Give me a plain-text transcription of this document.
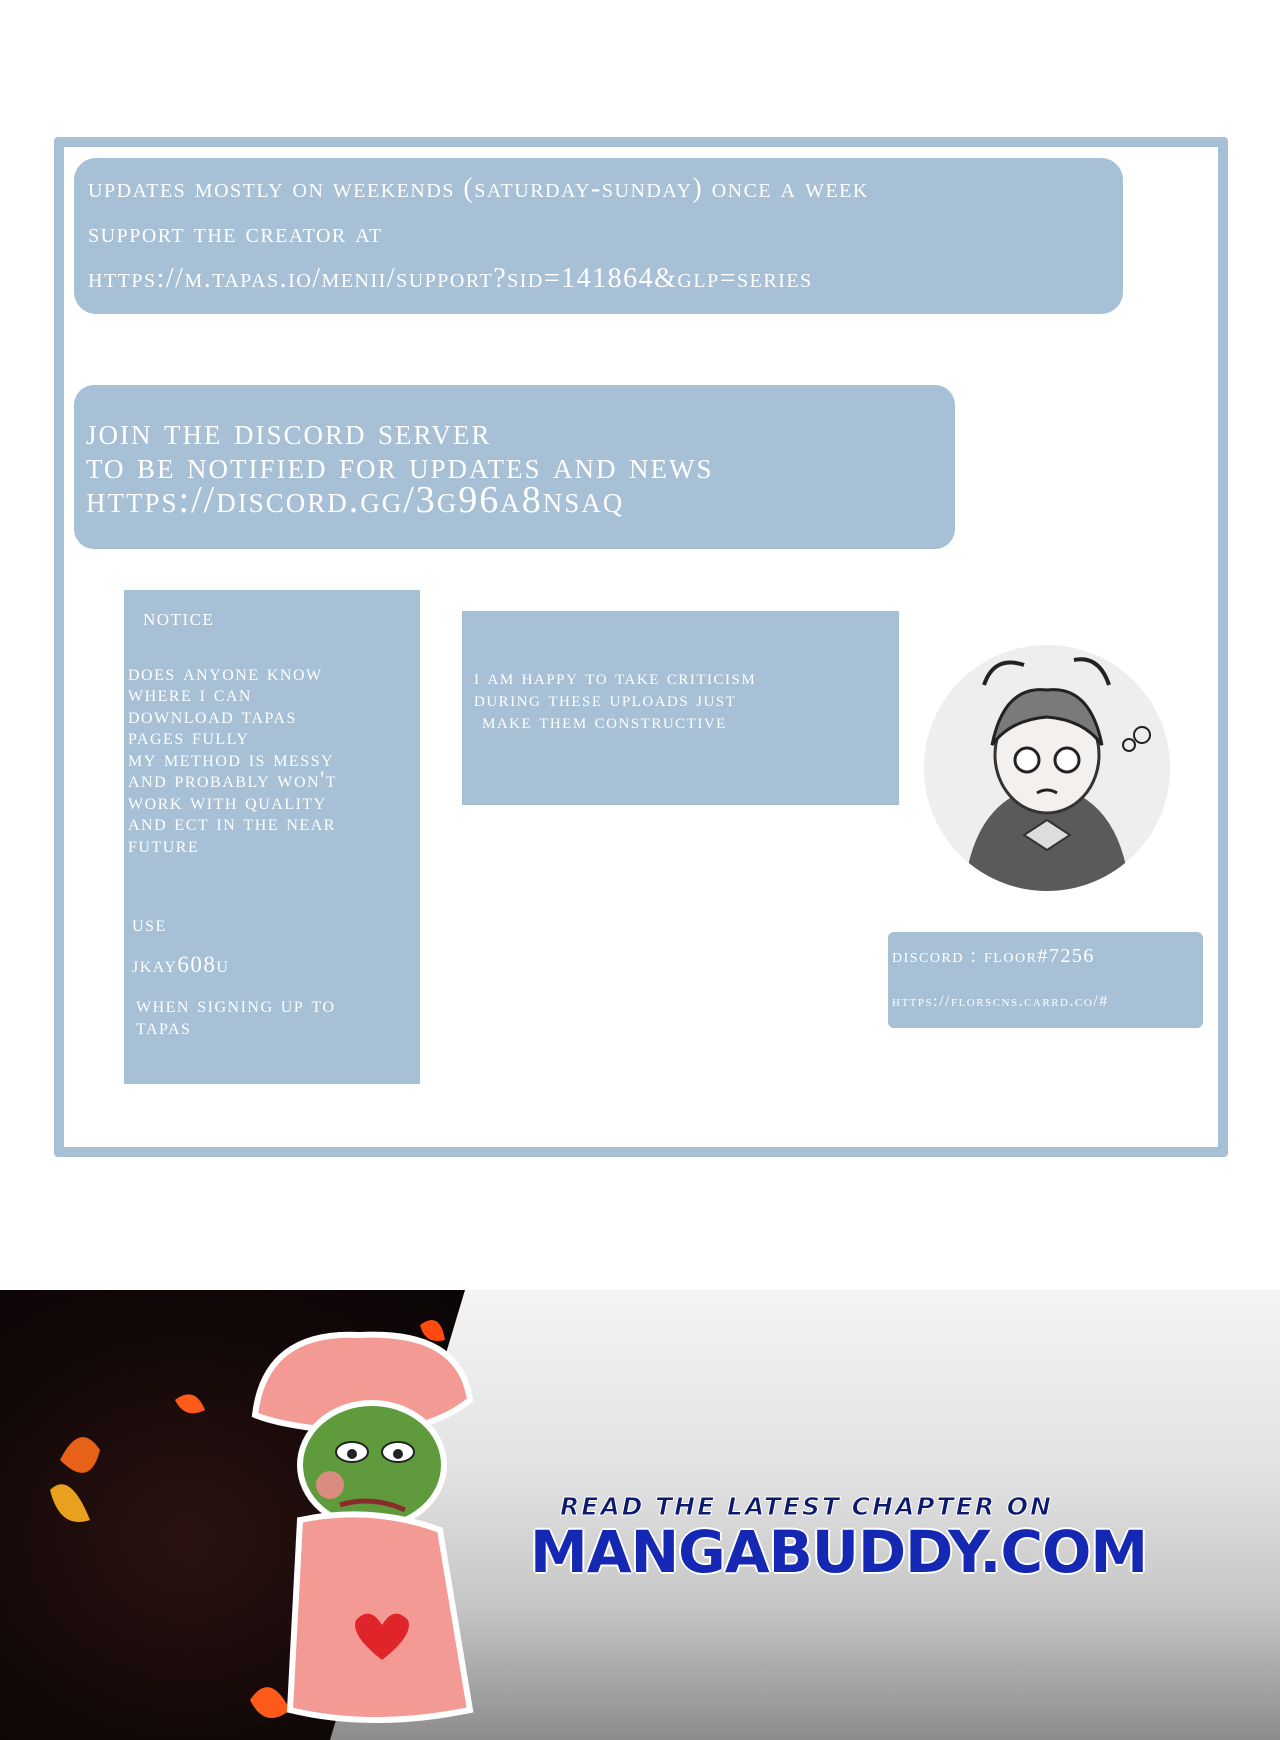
updates mostly on weekends (saturday-sunday) once a week

support the creator at

https://m.tapas.io/menii/support?sid=141864&glp=series

join the discord server

to be notified for updates and news

https://discord.gg/3g96a8nsaq

notice

does anyone know

where i can

download tapas

pages fully

my method is messy

and probably won't

work with quality

and ect in the near

future

use

jkay608u

when signing up to

tapas

i am happy to take criticism

during these uploads just

make them constructive

discord : floor#7256

https://florscns.carrd.co/#

READ THE LATEST CHAPTER ON
MANGABUDDY.COM
